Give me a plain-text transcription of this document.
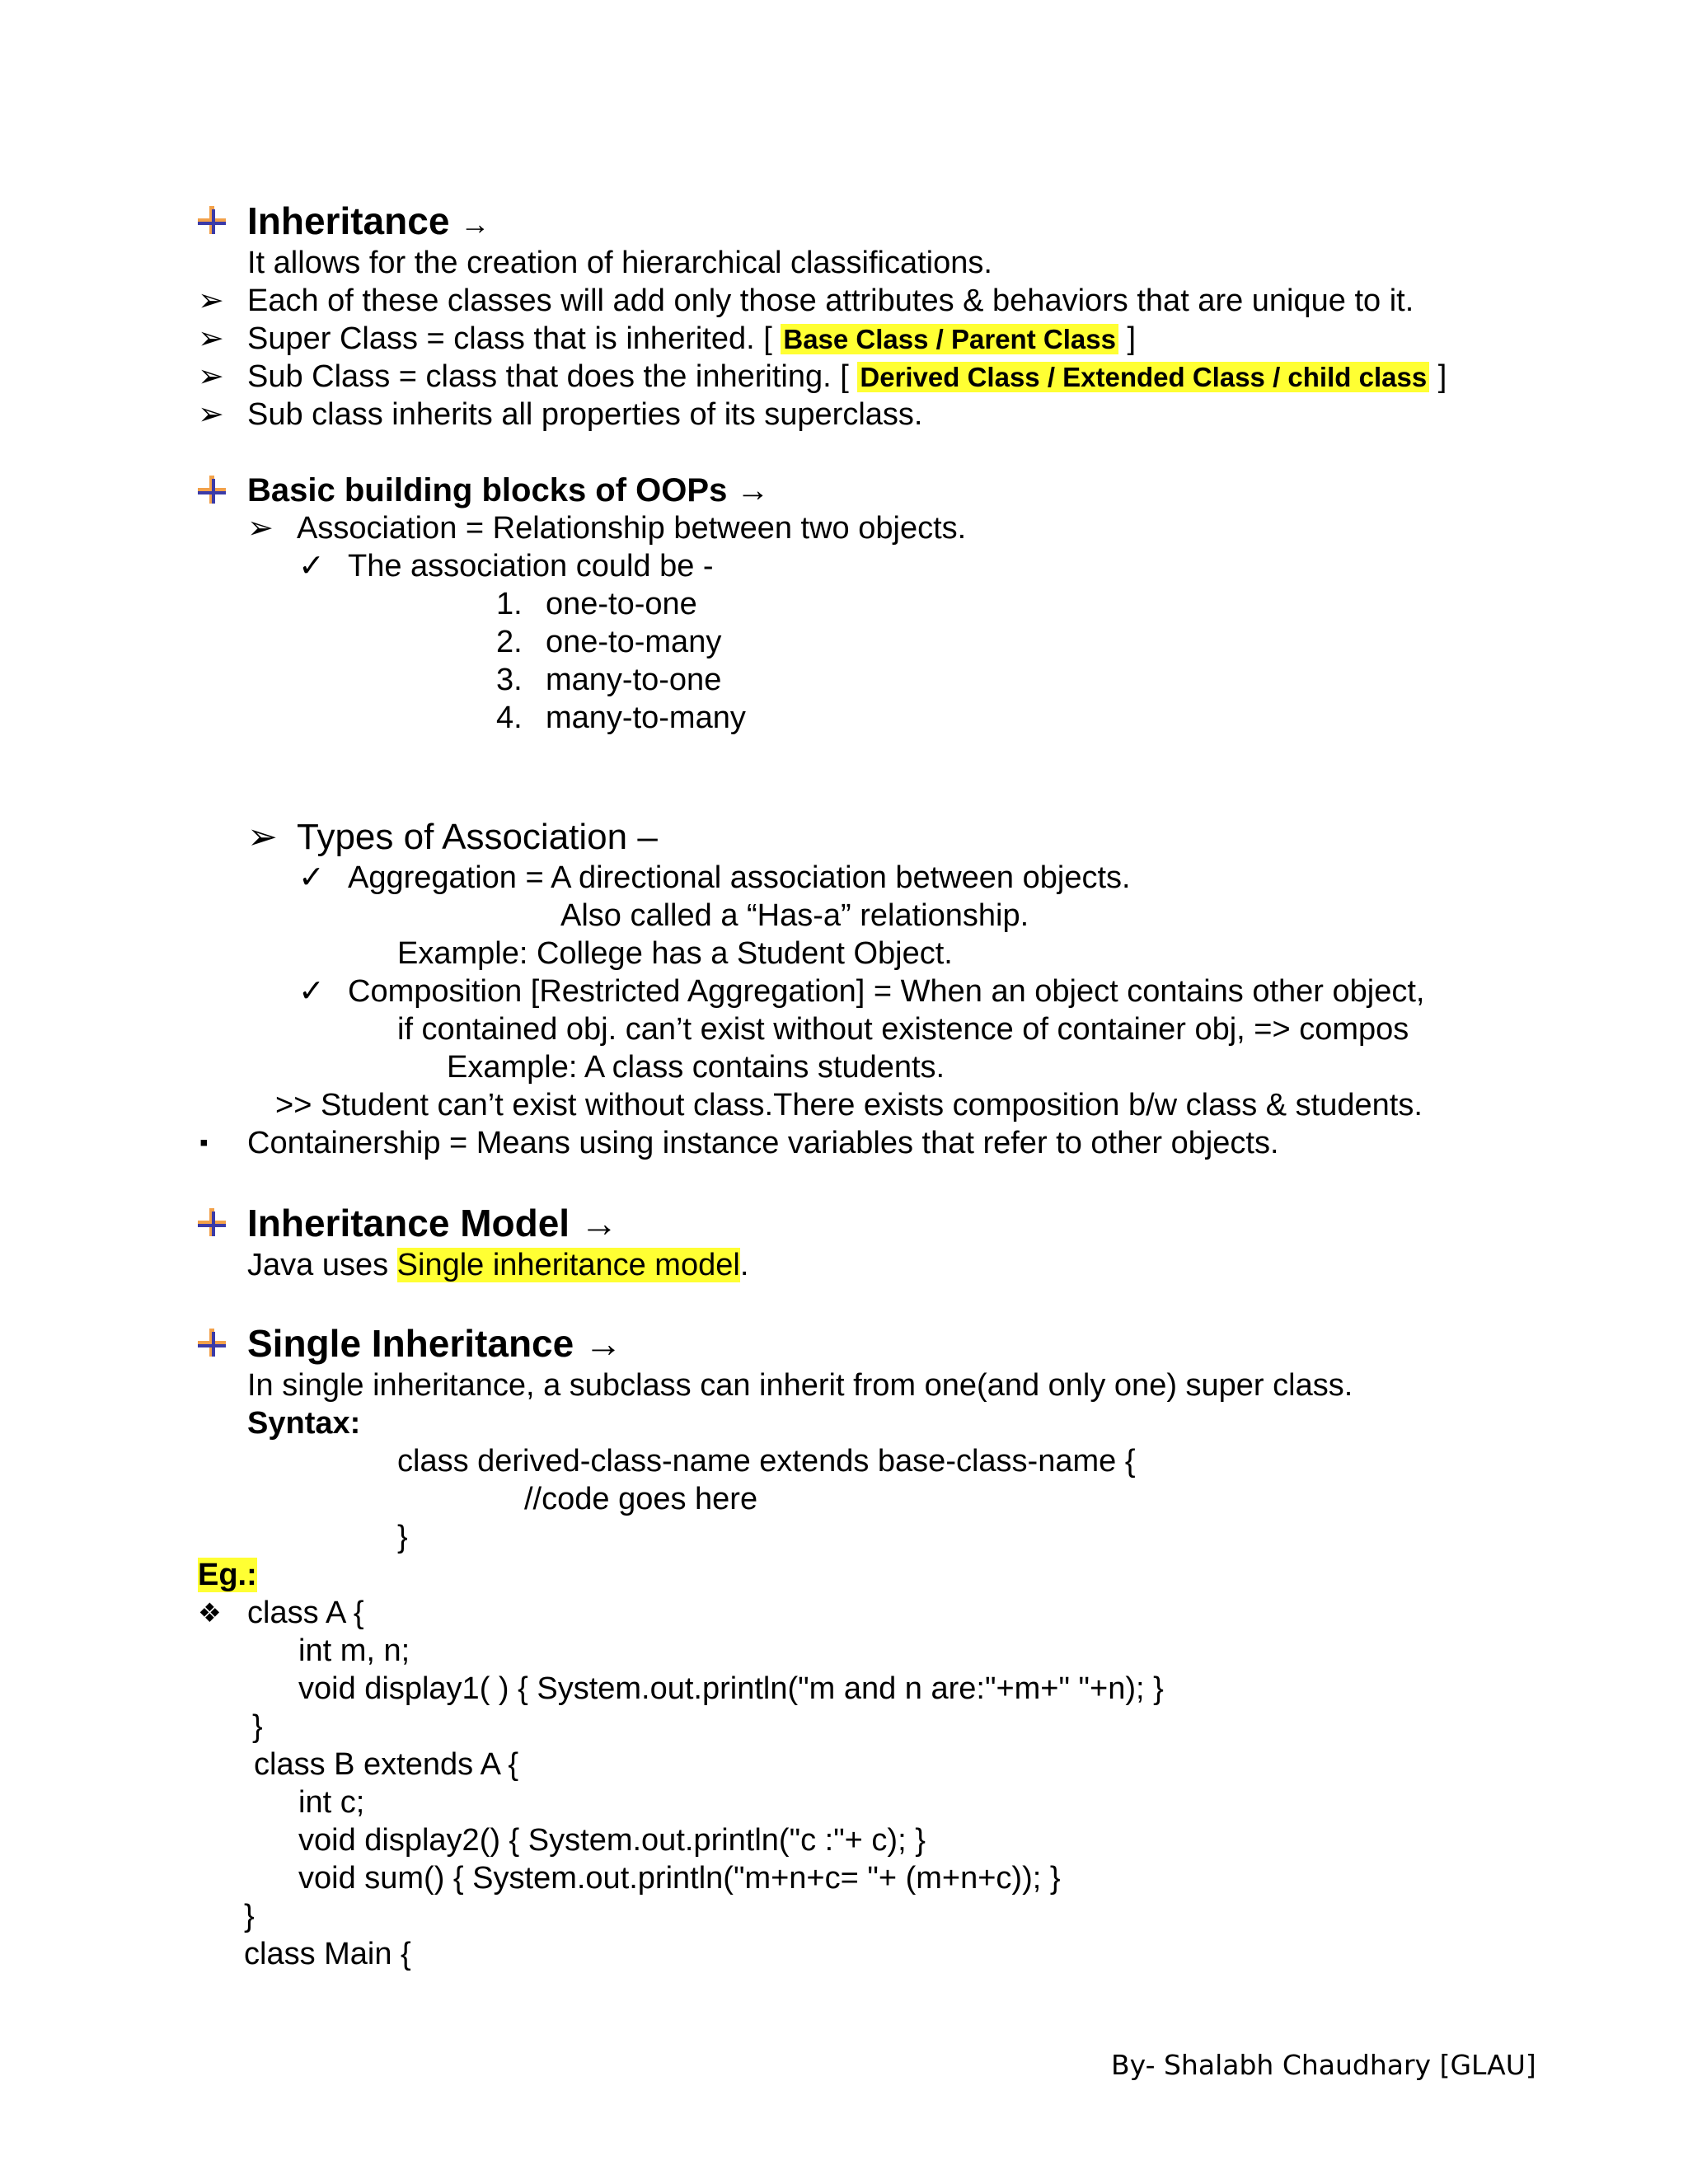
Inheritance →
It allows for the creation of hierarchical classifications.
➢ Each of these classes will add only those attributes & behaviors that are unique to it.
➢ Super Class = class that is inherited. [ Base Class / Parent Class ]
➢ Sub Class = class that does the inheriting. [ Derived Class / Extended Class / child class ]
➢ Sub class inherits all properties of its superclass.
Basic building blocks of OOPs →
➢ Association = Relationship between two objects.
✓ The association could be -
1. one-to-one
2. one-to-many
3. many-to-one
4. many-to-many
➢ Types of Association –
✓ Aggregation = A directional association between objects.
Also called a “Has-a” relationship.
Example: College has a Student Object.
✓ Composition [Restricted Aggregation] = When an object contains other object,
if contained obj. can’t exist without existence of container obj, => compos
Example: A class contains students.
>> Student can’t exist without class.There exists composition b/w class & students.
▪ Containership = Means using instance variables that refer to other objects.
Inheritance Model →
Java uses Single inheritance model.
Single Inheritance →
In single inheritance, a subclass can inherit from one(and only one) super class.
Syntax:
class derived-class-name extends base-class-name {
//code goes here
}
Eg.:
❖ class A {
int m, n;
void display1( ) { System.out.println("m and n are:"+m+" "+n); }
}
class B extends A {
int c;
void display2() { System.out.println("c :"+ c); }
void sum() { System.out.println("m+n+c= "+ (m+n+c)); }
}
class Main {
By- Shalabh Chaudhary [GLAU]
